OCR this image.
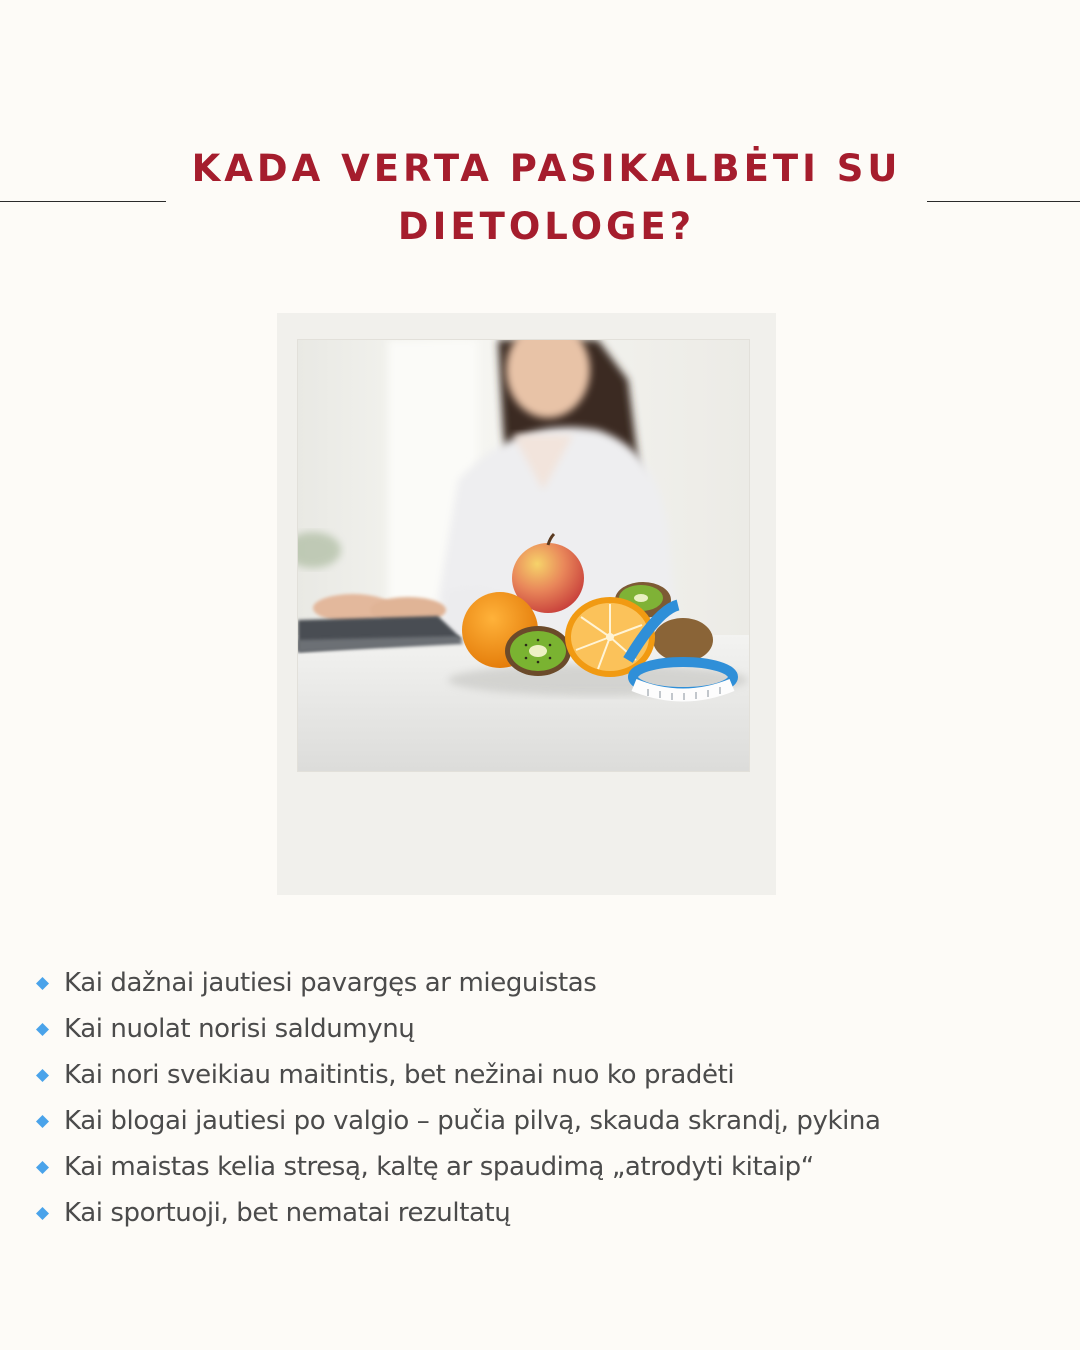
KADA VERTA PASIKALBĖTI SU
DIETOLOGE?
Kai dažnai jautiesi pavargęs ar mieguistas
Kai nuolat norisi saldumynų
Kai nori sveikiau maitintis, bet nežinai nuo ko pradėti
Kai blogai jautiesi po valgio – pučia pilvą, skauda skrandį, pykina
Kai maistas kelia stresą, kaltę ar spaudimą „atrodyti kitaip“
Kai sportuoji, bet nematai rezultatų
